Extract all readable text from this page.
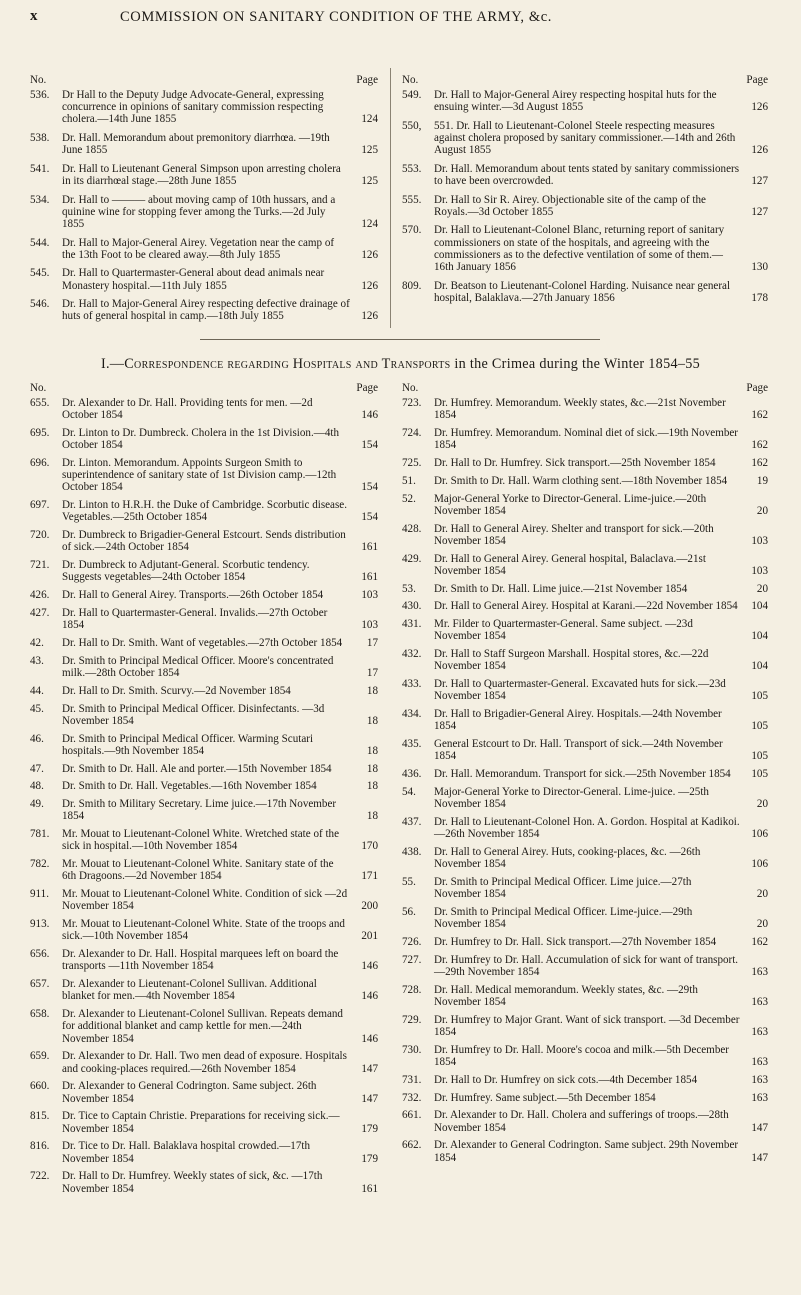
x	COMMISSION ON SANITARY CONDITION OF THE ARMY, &c.
No.	Page
536. Dr Hall to the Deputy Judge Advocate-General, expressing concurrence in opinions of sanitary commission respecting cholera.—14th June 1855	124
538. Dr. Hall. Memorandum about premonitory diarrhœa. —19th June 1855	125
541. Dr. Hall to Lieutenant General Simpson upon arresting cholera in its diarrhœal stage.—28th June 1855	125
534. Dr. Hall to ——— about moving camp of 10th hussars, and a quinine wine for stopping fever among the Turks.—2d July 1855	124
544. Dr. Hall to Major-General Airey. Vegetation near the camp of the 13th Foot to be cleared away.—8th July 1855	126
545. Dr. Hall to Quartermaster-General about dead animals near Monastery hospital.—11th July 1855	126
546. Dr. Hall to Major-General Airey respecting defective drainage of huts of general hospital in camp.—18th July 1855	126
No.	Page
549. Dr. Hall to Major-General Airey respecting hospital huts for the ensuing winter.—3d August 1855	126
550, 551. Dr. Hall to Lieutenant-Colonel Steele respecting measures against cholera proposed by sanitary commissioner.—14th and 26th August 1855	126
553. Dr. Hall. Memorandum about tents stated by sanitary commissioners to have been overcrowded.	127
555. Dr. Hall to Sir R. Airey. Objectionable site of the camp of the Royals.—3d October 1855	127
570. Dr. Hall to Lieutenant-Colonel Blanc, returning report of sanitary commissioners on state of the hospitals, and agreeing with the commissioners as to the defective ventilation of some of them.—16th January 1856	130
809. Dr. Beatson to Lieutenant-Colonel Harding. Nuisance near general hospital, Balaklava.—27th January 1856	178
I.—Correspondence regarding Hospitals and Transports in the Crimea during the Winter 1854–55
No.	Page
655. Dr. Alexander to Dr. Hall. Providing tents for men. —2d October 1854	146
695. Dr. Linton to Dr. Dumbreck. Cholera in the 1st Division.—4th October 1854	154
696. Dr. Linton. Memorandum. Appoints Surgeon Smith to superintendence of sanitary state of 1st Division camp.—12th October 1854	154
697. Dr. Linton to H.R.H. the Duke of Cambridge. Scorbutic disease. Vegetables.—25th October 1854	154
720. Dr. Dumbreck to Brigadier-General Estcourt. Sends distribution of sick.—24th October 1854	161
721. Dr. Dumbreck to Adjutant-General. Scorbutic tendency. Suggests vegetables—24th October 1854	161
426. Dr. Hall to General Airey. Transports.—26th October 1854	103
427. Dr. Hall to Quartermaster-General. Invalids.—27th October 1854	103
42. Dr. Hall to Dr. Smith. Want of vegetables.—27th October 1854	17
43. Dr. Smith to Principal Medical Officer. Moore's concentrated milk.—28th October 1854	17
44. Dr. Hall to Dr. Smith. Scurvy.—2d November 1854	18
45. Dr. Smith to Principal Medical Officer. Disinfectants. —3d November 1854	18
46. Dr. Smith to Principal Medical Officer. Warming Scutari hospitals.—9th November 1854	18
47. Dr. Smith to Dr. Hall. Ale and porter.—15th November 1854	18
48. Dr. Smith to Dr. Hall. Vegetables.—16th November 1854	18
49. Dr. Smith to Military Secretary. Lime juice.—17th November 1854	18
781. Mr. Mouat to Lieutenant-Colonel White. Wretched state of the sick in hospital.—10th November 1854	170
782. Mr. Mouat to Lieutenant-Colonel White. Sanitary state of the 6th Dragoons.—2d November 1854	171
911. Mr. Mouat to Lieutenant-Colonel White. Condition of sick —2d November 1854	200
913. Mr. Mouat to Lieutenant-Colonel White. State of the troops and sick.—10th November 1854	201
656. Dr. Alexander to Dr. Hall. Hospital marquees left on board the transports —11th November 1854	146
657. Dr. Alexander to Lieutenant-Colonel Sullivan. Additional blanket for men.—4th November 1854	146
658. Dr. Alexander to Lieutenant-Colonel Sullivan. Repeats demand for additional blanket and camp kettle for men.—24th November 1854	146
659. Dr. Alexander to Dr. Hall. Two men dead of exposure. Hospitals and cooking-places required.—26th November 1854	147
660. Dr. Alexander to General Codrington. Same subject. 26th November 1854	147
815. Dr. Tice to Captain Christie. Preparations for receiving sick.—November 1854	179
816. Dr. Tice to Dr. Hall. Balaklava hospital crowded.—17th November 1854	179
722. Dr. Hall to Dr. Humfrey. Weekly states of sick, &c. —17th November 1854	161
No.	Page
723. Dr. Humfrey. Memorandum. Weekly states, &c.—21st November 1854	162
724. Dr. Humfrey. Memorandum. Nominal diet of sick.—19th November 1854	162
725. Dr. Hall to Dr. Humfrey. Sick transport.—25th November 1854	162
51. Dr. Smith to Dr. Hall. Warm clothing sent.—18th November 1854	19
52. Major-General Yorke to Director-General. Lime-juice.—20th November 1854	20
428. Dr. Hall to General Airey. Shelter and transport for sick.—20th November 1854	103
429. Dr. Hall to General Airey. General hospital, Balaclava.—21st November 1854	103
53. Dr. Smith to Dr. Hall. Lime juice.—21st November 1854	20
430. Dr. Hall to General Airey. Hospital at Karani.—22d November 1854 104
431. Mr. Filder to Quartermaster-General. Same subject. —23d November 1854	104
432. Dr. Hall to Staff Surgeon Marshall. Hospital stores, &c.—22d November 1854	104
433. Dr. Hall to Quartermaster-General. Excavated huts for sick.—23d November 1854	105
434. Dr. Hall to Brigadier-General Airey. Hospitals.—24th November 1854	105
435. General Estcourt to Dr. Hall. Transport of sick.—24th November 1854	105
436. Dr. Hall. Memorandum. Transport for sick.—25th November 1854	105
54. Major-General Yorke to Director-General. Lime-juice. —25th November 1854	20
437. Dr. Hall to Lieutenant-Colonel Hon. A. Gordon. Hospital at Kadikoi.—26th November 1854	106
438. Dr. Hall to General Airey. Huts, cooking-places, &c. —26th November 1854	106
55. Dr. Smith to Principal Medical Officer. Lime juice.—27th November 1854	20
56. Dr. Smith to Principal Medical Officer. Lime-juice.—29th November 1854	20
726. Dr. Humfrey to Dr. Hall. Sick transport.—27th November 1854	162
727. Dr. Humfrey to Dr. Hall. Accumulation of sick for want of transport.—29th November 1854	163
728. Dr. Hall. Medical memorandum. Weekly states, &c. —29th November 1854	163
729. Dr. Humfrey to Major Grant. Want of sick transport. —3d December 1854	163
730. Dr. Humfrey to Dr. Hall. Moore's cocoa and milk.—5th December 1854	163
731. Dr. Hall to Dr. Humfrey on sick cots.—4th December 1854	163
732. Dr. Humfrey. Same subject.—5th December 1854	163
661. Dr. Alexander to Dr. Hall. Cholera and sufferings of troops.—28th November 1854	147
662. Dr. Alexander to General Codrington. Same subject. 29th November 1854	147
